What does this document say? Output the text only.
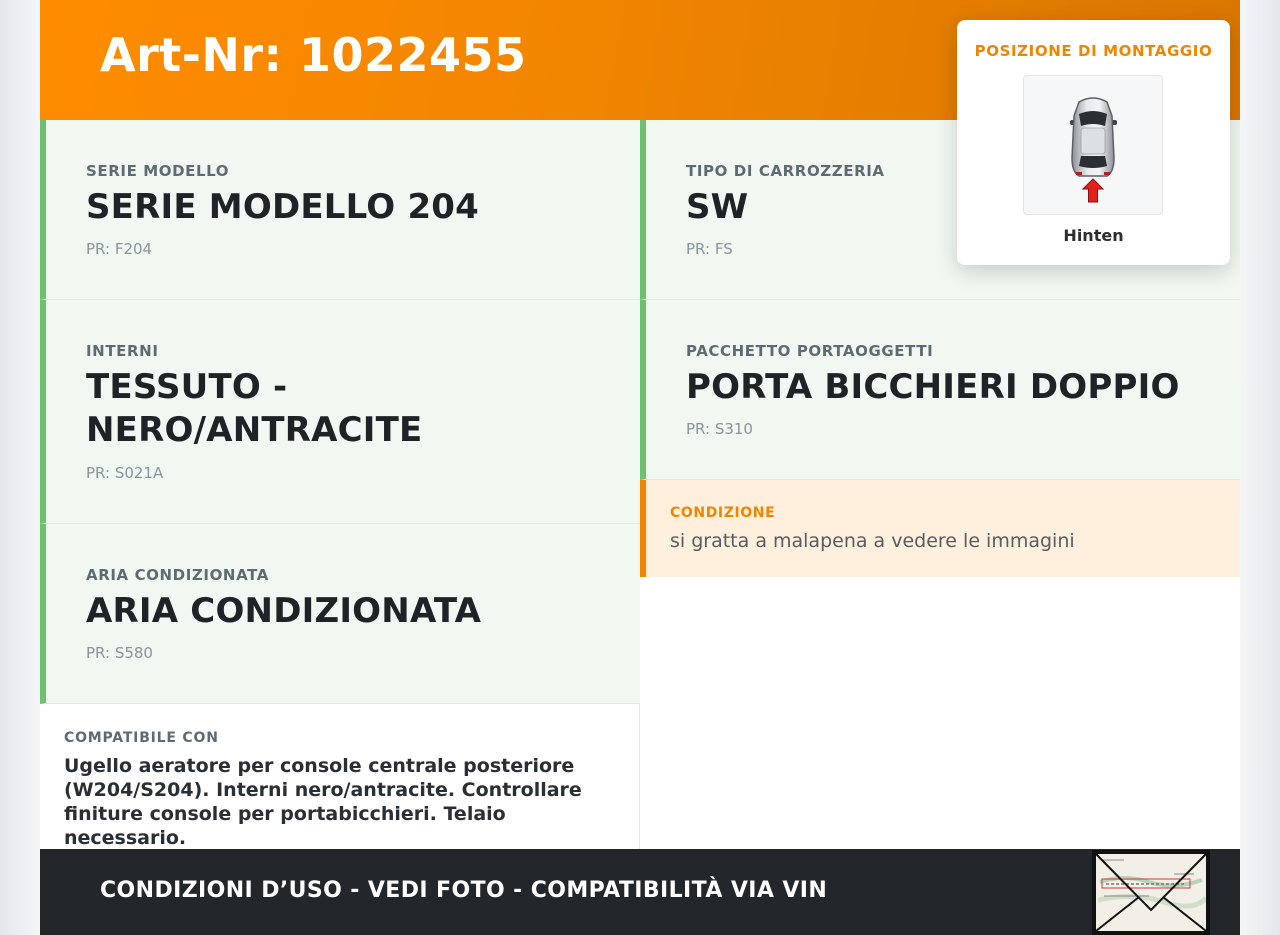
Art-Nr: 1022455
SERIE MODELLO
SERIE MODELLO 204
PR: F204
TIPO DI CARROZZERIA
SW
PR: FS
INTERNI
TESSUTO - NERO/ANTRACITE
PR: S021A
PACCHETTO PORTAOGGETTI
PORTA BICCHIERI DOPPIO
PR: S310
ARIA CONDIZIONATA
ARIA CONDIZIONATA
PR: S580
CONDIZIONE
si gratta a malapena a vedere le immagini
COMPATIBILE CON
Ugello aeratore per console centrale posteriore (W204/S204). Interni nero/antracite. Controllare finiture console per portabicchieri. Telaio necessario.
CONDIZIONI D’USO - VEDI FOTO - COMPATIBILITÀ VIA VIN
POSIZIONE DI MONTAGGIO
Hinten
